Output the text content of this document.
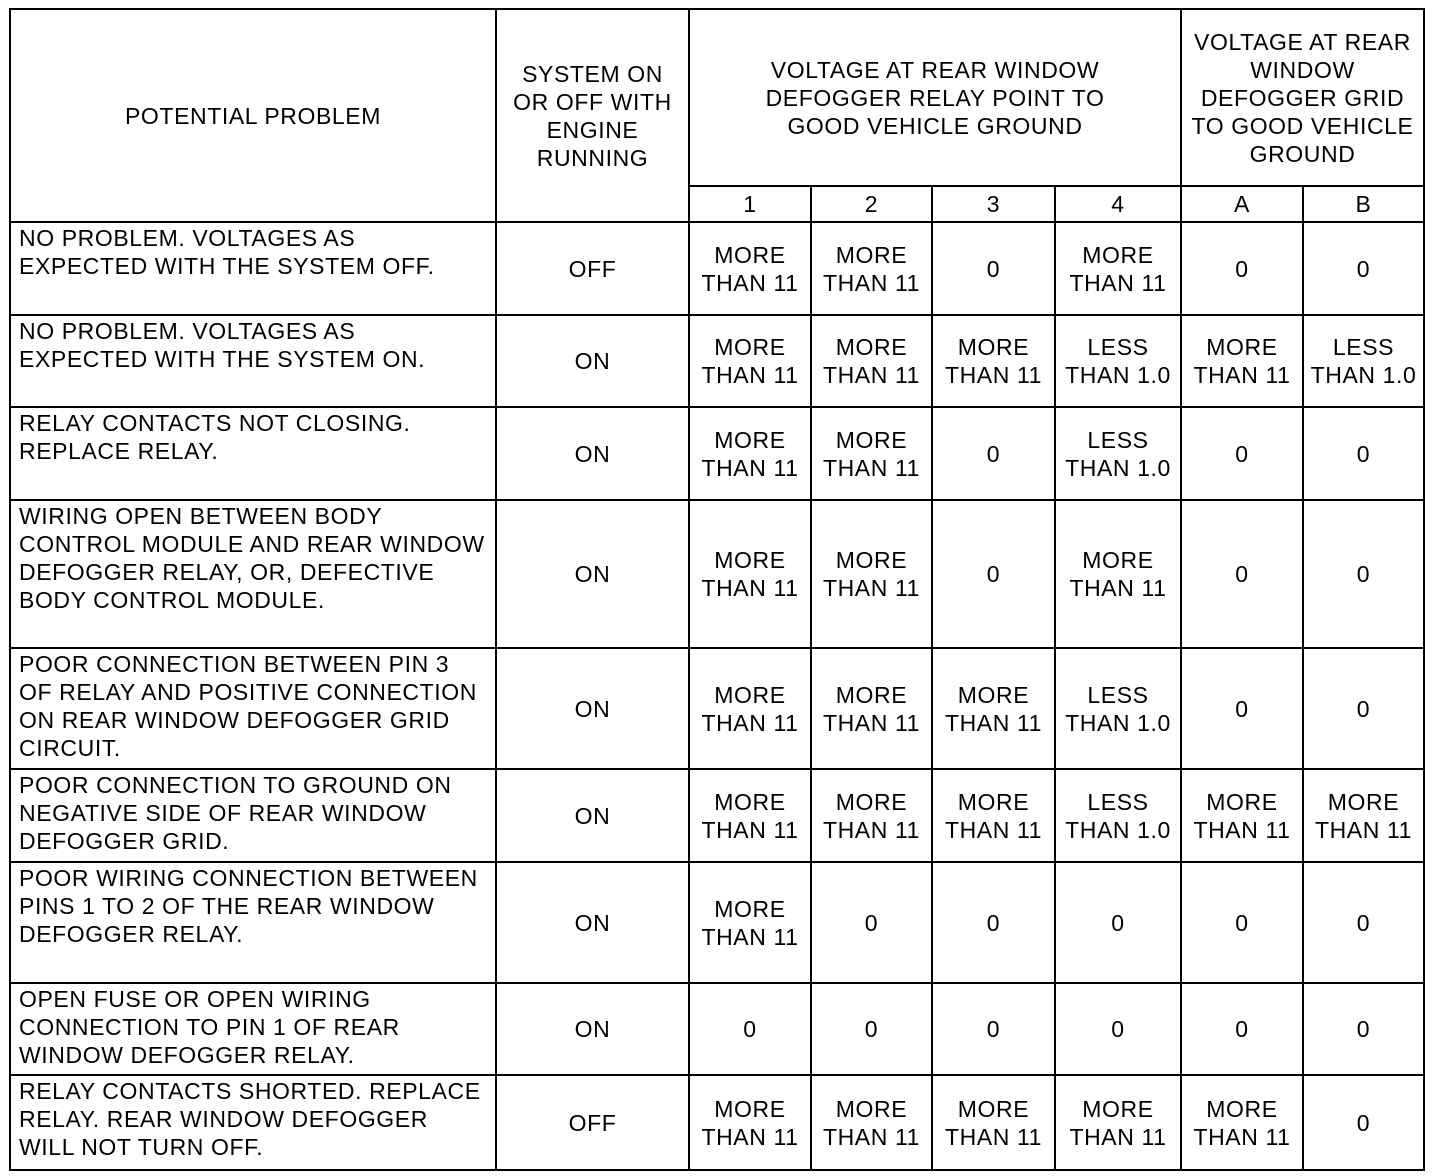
POTENTIAL PROBLEM	SYSTEM ON OR OFF WITH ENGINE RUNNING	VOLTAGE AT REAR WINDOW DEFOGGER RELAY POINT TO GOOD VEHICLE GROUND				VOLTAGE AT REAR WINDOW DEFOGGER GRID TO GOOD VEHICLE GROUND	
		1	2	3	4	A	B
NO PROBLEM. VOLTAGES AS EXPECTED WITH THE SYSTEM OFF.	OFF	MORE THAN 11	MORE THAN 11	0	MORE THAN 11	0	0
NO PROBLEM. VOLTAGES AS EXPECTED WITH THE SYSTEM ON.	ON	MORE THAN 11	MORE THAN 11	MORE THAN 11	LESS THAN 1.0	MORE THAN 11	LESS THAN 1.0
RELAY CONTACTS NOT CLOSING. REPLACE RELAY.	ON	MORE THAN 11	MORE THAN 11	0	LESS THAN 1.0	0	0
WIRING OPEN BETWEEN BODY CONTROL MODULE AND REAR WINDOW DEFOGGER RELAY, OR, DEFECTIVE BODY CONTROL MODULE.	ON	MORE THAN 11	MORE THAN 11	0	MORE THAN 11	0	0
POOR CONNECTION BETWEEN PIN 3 OF RELAY AND POSITIVE CONNECTION ON REAR WINDOW DEFOGGER GRID CIRCUIT.	ON	MORE THAN 11	MORE THAN 11	MORE THAN 11	LESS THAN 1.0	0	0
POOR CONNECTION TO GROUND ON NEGATIVE SIDE OF REAR WINDOW DEFOGGER GRID.	ON	MORE THAN 11	MORE THAN 11	MORE THAN 11	LESS THAN 1.0	MORE THAN 11	MORE THAN 11
POOR WIRING CONNECTION BETWEEN PINS 1 TO 2 OF THE REAR WINDOW DEFOGGER RELAY.	ON	MORE THAN 11	0	0	0	0	0
OPEN FUSE OR OPEN WIRING CONNECTION TO PIN 1 OF REAR WINDOW DEFOGGER RELAY.	ON	0	0	0	0	0	0
RELAY CONTACTS SHORTED. REPLACE RELAY. REAR WINDOW DEFOGGER WILL NOT TURN OFF.	OFF	MORE THAN 11	MORE THAN 11	MORE THAN 11	MORE THAN 11	MORE THAN 11	0
